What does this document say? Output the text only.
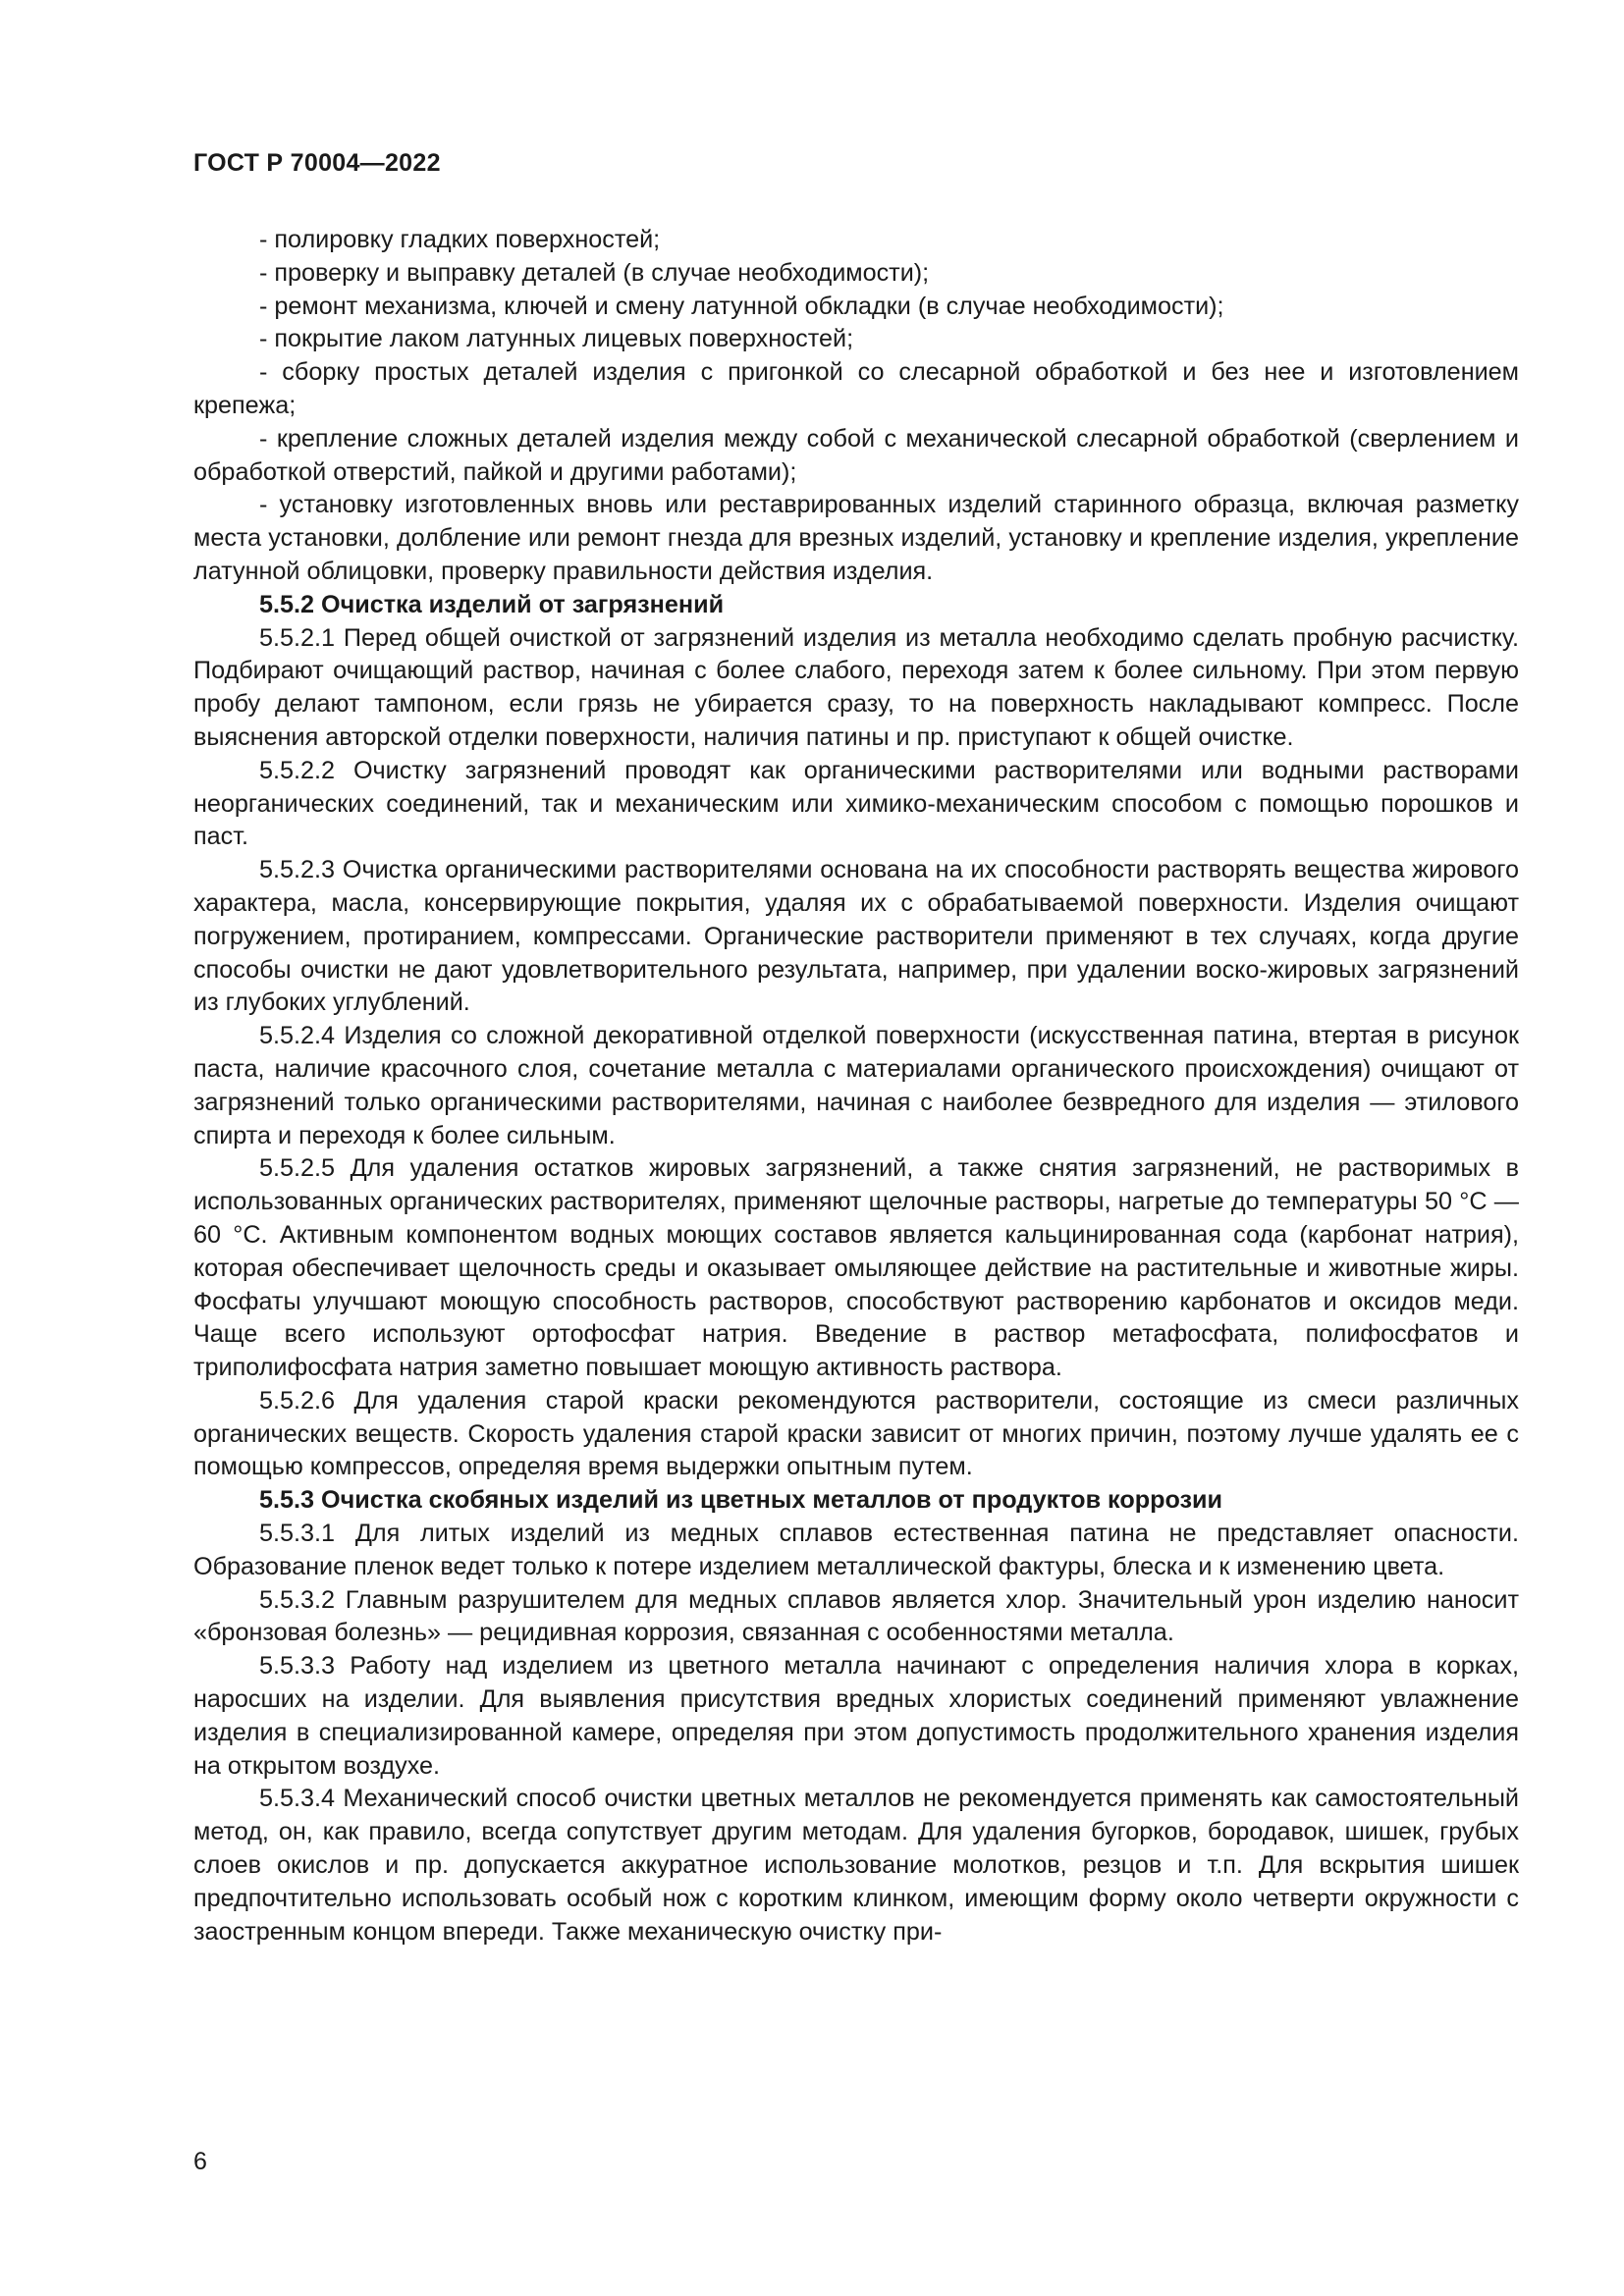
ГОСТ Р 70004—2022

- полировку гладких поверхностей;

- проверку и выправку деталей (в случае необходимости);

- ремонт механизма, ключей и смену латунной обкладки (в случае необходимости);

- покрытие лаком латунных лицевых поверхностей;

- сборку простых деталей изделия с пригонкой со слесарной обработкой и без нее и изготовлением крепежа;

- крепление сложных деталей изделия между собой с механической слесарной обработкой (сверлением и обработкой отверстий, пайкой и другими работами);

- установку изготовленных вновь или реставрированных изделий старинного образца, включая разметку места установки, долбление или ремонт гнезда для врезных изделий, установку и крепление изделия, укрепление латунной облицовки, проверку правильности действия изделия.

5.5.2 Очистка изделий от загрязнений

5.5.2.1 Перед общей очисткой от загрязнений изделия из металла необходимо сделать пробную расчистку. Подбирают очищающий раствор, начиная с более слабого, переходя затем к более сильному. При этом первую пробу делают тампоном, если грязь не убирается сразу, то на поверхность накладывают компресс. После выяснения авторской отделки поверхности, наличия патины и пр. приступают к общей очистке.

5.5.2.2 Очистку загрязнений проводят как органическими растворителями или водными растворами неорганических соединений, так и механическим или химико-механическим способом с помощью порошков и паст.

5.5.2.3 Очистка органическими растворителями основана на их способности растворять вещества жирового характера, масла, консервирующие покрытия, удаляя их с обрабатываемой поверхности. Изделия очищают погружением, протиранием, компрессами. Органические растворители применяют в тех случаях, когда другие способы очистки не дают удовлетворительного результата, например, при удалении воско-жировых загрязнений из глубоких углублений.

5.5.2.4 Изделия со сложной декоративной отделкой поверхности (искусственная патина, втертая в рисунок паста, наличие красочного слоя, сочетание металла с материалами органического происхождения) очищают от загрязнений только органическими растворителями, начиная с наиболее безвредного для изделия — этилового спирта и переходя к более сильным.

5.5.2.5 Для удаления остатков жировых загрязнений, а также снятия загрязнений, не растворимых в использованных органических растворителях, применяют щелочные растворы, нагретые до температуры 50 °С — 60 °С. Активным компонентом водных моющих составов является кальцинированная сода (карбонат натрия), которая обеспечивает щелочность среды и оказывает омыляющее действие на растительные и животные жиры. Фосфаты улучшают моющую способность растворов, способствуют растворению карбонатов и оксидов меди. Чаще всего используют ортофосфат натрия. Введение в раствор метафосфата, полифосфатов и триполифосфата натрия заметно повышает моющую активность раствора.

5.5.2.6 Для удаления старой краски рекомендуются растворители, состоящие из смеси различных органических веществ. Скорость удаления старой краски зависит от многих причин, поэтому лучше удалять ее с помощью компрессов, определяя время выдержки опытным путем.

5.5.3 Очистка скобяных изделий из цветных металлов от продуктов коррозии

5.5.3.1 Для литых изделий из медных сплавов естественная патина не представляет опасности. Образование пленок ведет только к потере изделием металлической фактуры, блеска и к изменению цвета.

5.5.3.2 Главным разрушителем для медных сплавов является хлор. Значительный урон изделию наносит «бронзовая болезнь» — рецидивная коррозия, связанная с особенностями металла.

5.5.3.3 Работу над изделием из цветного металла начинают с определения наличия хлора в корках, наросших на изделии. Для выявления присутствия вредных хлористых соединений применяют увлажнение изделия в специализированной камере, определяя при этом допустимость продолжительного хранения изделия на открытом воздухе.

5.5.3.4 Механический способ очистки цветных металлов не рекомендуется применять как самостоятельный метод, он, как правило, всегда сопутствует другим методам. Для удаления бугорков, бородавок, шишек, грубых слоев окислов и пр. допускается аккуратное использование молотков, резцов и т.п. Для вскрытия шишек предпочтительно использовать особый нож с коротким клинком, имеющим форму около четверти окружности с заостренным концом впереди. Также механическую очистку при-

6
